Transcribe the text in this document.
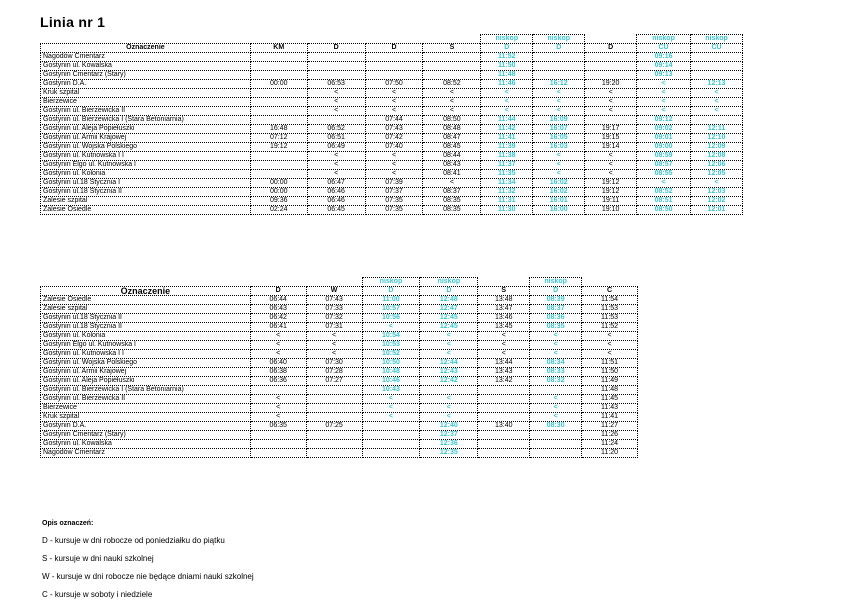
Linia nr 1
					niskop	niskop		niskop	niskop
Oznaczenie	KM	D	D	S	D	D	D	CU	CU
Nagodów Cmentarz					11:52			09:16	
Gostynin ul. Kowalska					11:50			09:14	
Gostynin Cmentarz (Stary)					11:48			09:13	
Gostynin D.A.	00:00	06:53	07:50	08:52	11:46	16:12	19:20	<	12:13
Kruk szpital		<	<	<	<	<	<	<	<
Bierzewice		<	<	<	<	<	<	<	<
Gostynin ul. Bierzewicka II		<	<	<	<	<	<	<	<
Gostynin ul. Bierzewicka I (Stara Betoniarnia)			07:44	08:50	11:44	16:09		09:12	
Gostynin ul. Aleja Popiełuszki	16:48	06:52	07:43	08:48	11:42	16:07	19:17	09:02	12:11
Gostynin ul. Armii Krajowej	07:12	06:51	07:42	08:47	11:41	16:05	19:15	09:01	12:10
Gostynin ul. Wojska Polskiego	19:12	06:49	07:40	08:45	11:39	16:03	19:14	09:00	12:09
Gostynin ul. Kutnowska I I		<	<	08:44	11:38	<	<	08:59	12:08
Gostynin Elgo ul. Kutnowska I		<	<	08:43	11:37	<	<	08:57	12:06
Gostynin ul. Kolonia		<	<	08:41	11:35	<	<	08:55	12:05
Gostynin ul.18 Stycznia I	00:00	06:47	07:39	<	11:34	16:02	19:12	<	<
Gostynin ul.18 Stycznia II	00:00	06:46	07:37	08:37	11:32	16:02	19:12	08:52	12:03
Zalesie szpital	09:36	06:46	07:35	08:35	11:31	16:01	19:11	08:51	12:02
Zalesie Osiedle	02:24	06:45	07:35	08:35	11:30	16:00	19:10	08:50	12:01
			niskop	niskop		niskop	
Oznaczenie	D	W	D	D	S	D	C
Zalesie Osiedle	06:44	07:43	11:00	12:48	13:48	08:39	11:54
Zalesie szpital	06:43	07:33	10:57	12:47	13:47	08:37	11:53
Gostynin ul.18 Stycznia II	06:42	07:32	10:56	12:45	13:46	08:36	11:53
Gostynin ul.18 Stycznia II	06:41	07:31	<	12:45	13:45	08:35	11:52
Gostynin ul. Kolonia	<	<	10:54	<	<	<	<
Gostynin Elgo ul. Kutnowska I	<	<	10:53	<	<	<	<
Gostynin ul. Kutnowska I I	<	<	10:52	<	<	<	<
Gostynin ul. Wojska Polskiego	06:40	07:30	10:50	12:44	13:44	08:34	11:51
Gostynin ul. Armii Krajowej	06:38	07:28	10:48	12:43	13:43	08:33	11:50
Gostynin ul. Aleja Popiełuszki	06:36	07:27	10:46	12:42	13:42	08:32	11:49
Gostynin ul. Bierzewicka I (Stara Betoniarnia)			10:43				11:48
Gostynin ul. Bierzewicka II	<		<	<		<	11:45
Bierzewice	<		<	<		<	11:43
Kruk szpital	<		<	<		<	11:41
Gostynin D.A.	06:35	07:25		12:40	13:40	08:30	11:27
Gostynin Cmentarz (Stary)				12:37			11:26
Gostynin ul. Kowalska				12:36			11:24
Nagodów Cmentarz				12:35			11:20
Opis oznaczeń:
D - kursuje w dni robocze od poniedziałku do piątku
S - kursuje w dni nauki szkolnej
W - kursuje w dni robocze nie będące dniami nauki szkolnej
C - kursuje w soboty i niedziele
